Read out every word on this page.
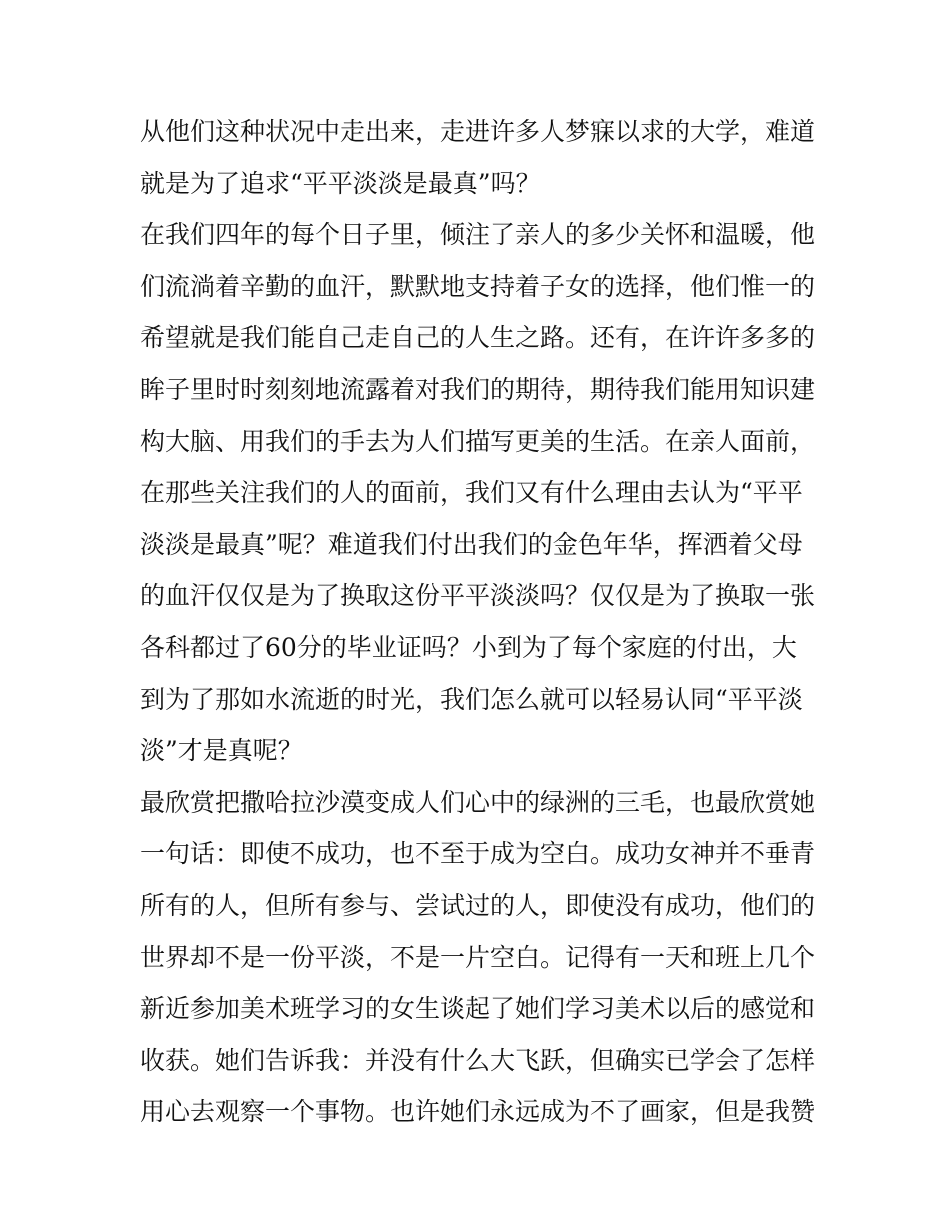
从他们这种状况中走出来，走进许多人梦寐以求的大学，难道
就是为了追求“平平淡淡是最真”吗？
在我们四年的每个日子里，倾注了亲人的多少关怀和温暖，他
们流淌着辛勤的血汗，默默地支持着子女的选择，他们惟一的
希望就是我们能自己走自己的人生之路。还有，在许许多多的
眸子里时时刻刻地流露着对我们的期待，期待我们能用知识建
构大脑、用我们的手去为人们描写更美的生活。在亲人面前，
在那些关注我们的人的面前，我们又有什么理由去认为“平平
淡淡是最真”呢？难道我们付出我们的金色年华，挥洒着父母
的血汗仅仅是为了换取这份平平淡淡吗？仅仅是为了换取一张
各科都过了60分的毕业证吗？小到为了每个家庭的付出，大
到为了那如水流逝的时光，我们怎么就可以轻易认同“平平淡
淡”才是真呢？
最欣赏把撒哈拉沙漠变成人们心中的绿洲的三毛，也最欣赏她
一句话：即使不成功，也不至于成为空白。成功女神并不垂青
所有的人，但所有参与、尝试过的人，即使没有成功，他们的
世界却不是一份平淡，不是一片空白。记得有一天和班上几个
新近参加美术班学习的女生谈起了她们学习美术以后的感觉和
收获。她们告诉我：并没有什么大飞跃，但确实已学会了怎样
用心去观察一个事物。也许她们永远成为不了画家，但是我赞
